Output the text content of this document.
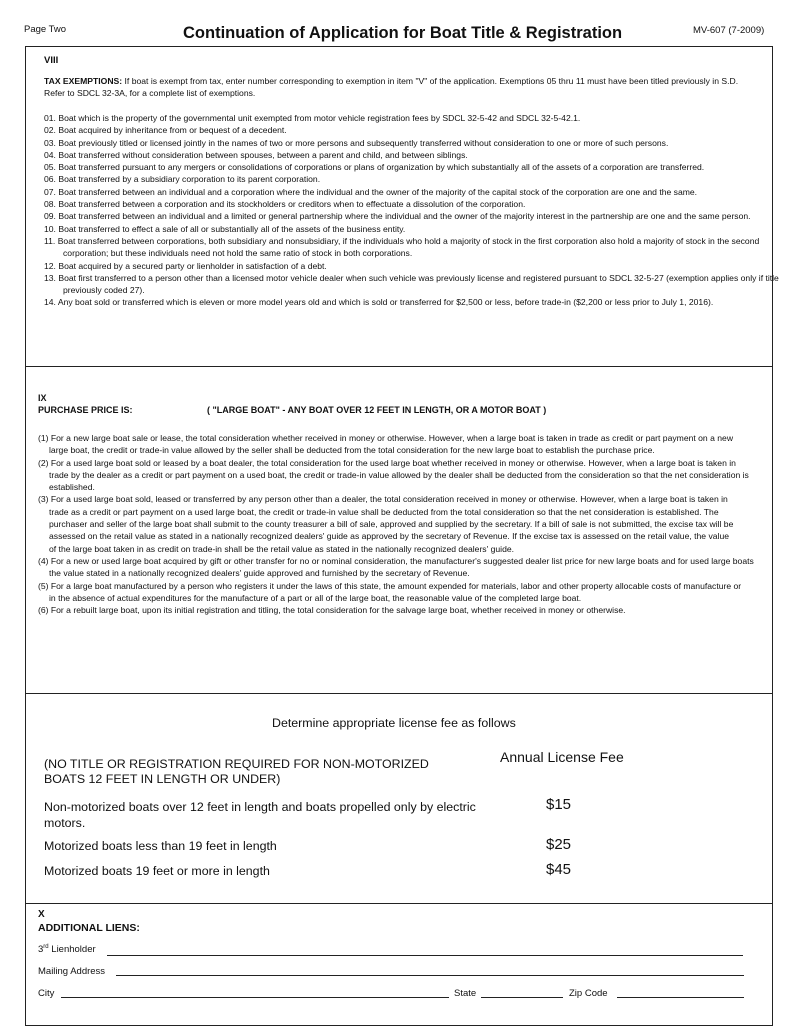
Page Two	Continuation of Application for Boat Title & Registration	MV-607 (7-2009)
VIII
TAX EXEMPTIONS: If boat is exempt from tax, enter number corresponding to exemption in item "V" of the application. Exemptions 05 thru 11 must have been titled previously in S.D. Refer to SDCL 32-3A, for a complete list of exemptions.
01. Boat which is the property of the governmental unit exempted from motor vehicle registration fees by SDCL 32-5-42 and SDCL 32-5-42.1.
02. Boat acquired by inheritance from or bequest of a decedent.
03. Boat previously titled or licensed jointly in the names of two or more persons and subsequently transferred without consideration to one or more of such persons.
04. Boat transferred without consideration between spouses, between a parent and child, and between siblings.
05. Boat transferred pursuant to any mergers or consolidations of corporations or plans of organization by which substantially all of the assets of a corporation are transferred.
06. Boat transferred by a subsidiary corporation to its parent corporation.
07. Boat transferred between an individual and a corporation where the individual and the owner of the majority of the capital stock of the corporation are one and the same.
08. Boat transferred between a corporation and its stockholders or creditors when to effectuate a dissolution of the corporation.
09. Boat transferred between an individual and a limited or general partnership where the individual and the owner of the majority interest in the partnership are one and the same person.
10. Boat transferred to effect a sale of all or substantially all of the assets of the business entity.
11. Boat transferred between corporations, both subsidiary and nonsubsidiary, if the individuals who hold a majority of stock in the first corporation also hold a majority of stock in the second corporation; but these individuals need not hold the same ratio of stock in both corporations.
12. Boat acquired by a secured party or lienholder in satisfaction of a debt.
13. Boat first transferred to a person other than a licensed motor vehicle dealer when such vehicle was previously license and registered pursuant to SDCL 32-5-27 (exemption applies only if title previously coded 27).
14. Any boat sold or transferred which is eleven or more model years old and which is sold or transferred for $2,500 or less, before trade-in ($2,200 or less prior to July 1, 2016).
IX
PURCHASE PRICE IS:	( "LARGE BOAT" - ANY BOAT OVER 12 FEET IN LENGTH, OR A MOTOR BOAT )
(1) For a new large boat sale or lease, the total consideration whether received in money or otherwise. However, when a large boat is taken in trade as credit or part payment on a new large boat, the credit or trade-in value allowed by the seller shall be deducted from the total consideration for the new large boat to establish the purchase price.
(2) For a used large boat sold or leased by a boat dealer, the total consideration for the used large boat whether received in money or otherwise. However, when a large boat is taken in trade by the dealer as a credit or part payment on a used boat, the credit or trade-in value allowed by the dealer shall be deducted from the consideration so that the net consideration is established.
(3) For a used large boat sold, leased or transferred by any person other than a dealer, the total consideration received in money or otherwise. However, when a large boat is taken in trade as a credit or part payment on a used large boat, the credit or trade-in value shall be deducted from the total consideration so that the net consideration is established. The purchaser and seller of the large boat shall submit to the county treasurer a bill of sale, approved and supplied by the secretary. If a bill of sale is not submitted, the excise tax will be assessed on the retail value as stated in a nationally recognized dealers' guide as approved by the secretary of Revenue. If the excise tax is assessed on the retail value, the value of the large boat taken in as credit on trade-in shall be the retail value as stated in the nationally recognized dealers' guide.
(4) For a new or used large boat acquired by gift or other transfer for no or nominal consideration, the manufacturer's suggested dealer list price for new large boats and for used large boats the value stated in a nationally recognized dealers' guide approved and furnished by the secretary of Revenue.
(5) For a large boat manufactured by a person who registers it under the laws of this state, the amount expended for materials, labor and other property allocable costs of manufacture or in the absence of actual expenditures for the manufacture of a part or all of the large boat, the reasonable value of the completed large boat.
(6) For a rebuilt large boat, upon its initial registration and titling, the total consideration for the salvage large boat, whether received in money or otherwise.
Determine appropriate license fee as follows
Annual License Fee
(NO TITLE OR REGISTRATION REQUIRED FOR NON-MOTORIZED BOATS 12 FEET IN LENGTH OR UNDER)
Non-motorized boats over 12 feet in length and boats propelled only by electric motors.
$15
Motorized boats less than 19 feet in length	$25
Motorized boats 19 feet or more in length	$45
X
ADDITIONAL LIENS:
3rd Lienholder
Mailing Address
City	State	Zip Code
